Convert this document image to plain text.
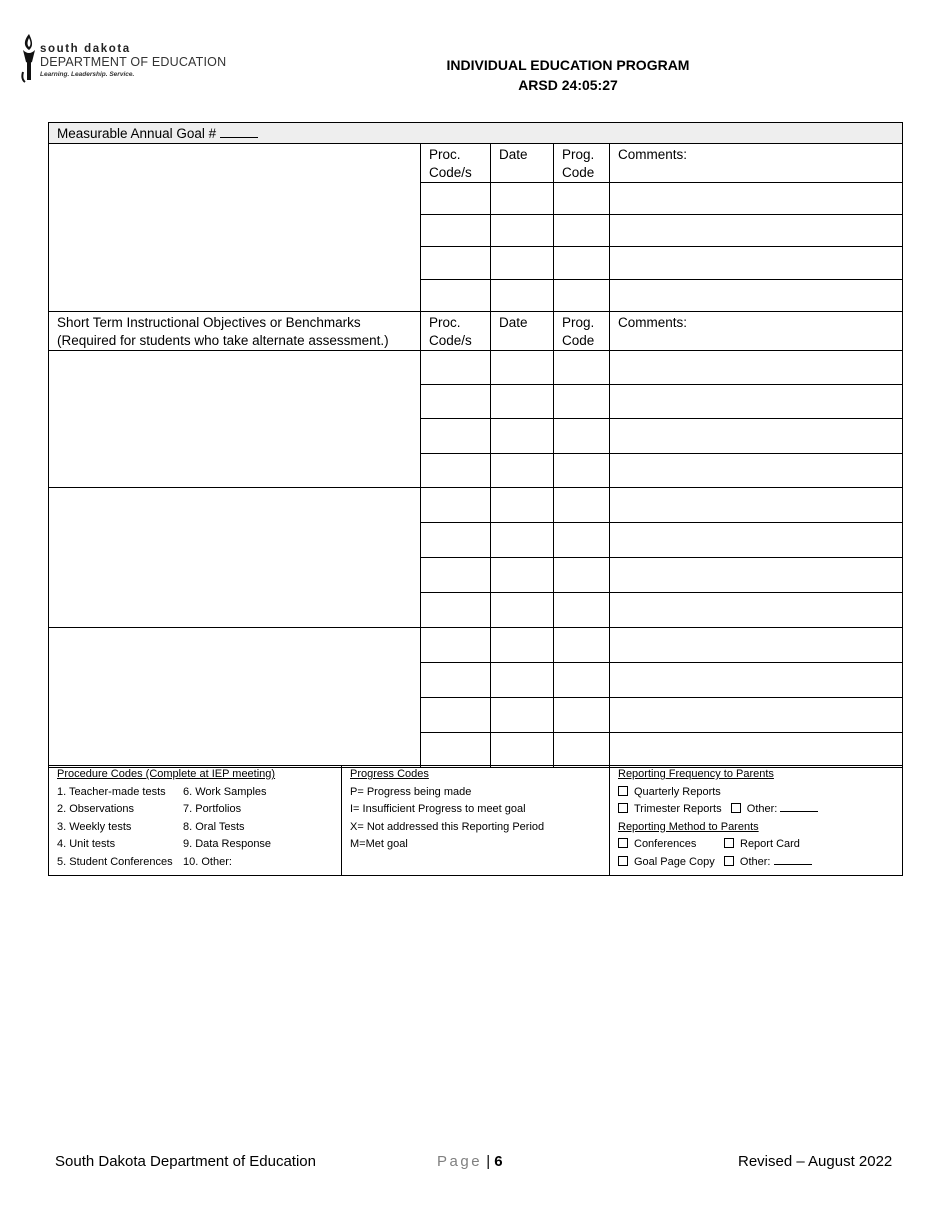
south dakota
DEPARTMENT OF EDUCATION
Learning. Leadership. Service.
INDIVIDUAL EDUCATION PROGRAM
ARSD 24:05:27
Measurable Annual Goal #				
	Proc. Code/s	Date	Prog. Code	Comments:

Short Term Instructional Objectives or Benchmarks (Required for students who take alternate assessment.)	Proc. Code/s	Date	Prog. Code	Comments:

Procedure Codes (Complete at IEP meeting)
1. Teacher-made tests 6. Work Samples
2. Observations	7. Portfolios
3. Weekly tests	8. Oral Tests
4. Unit tests	9. Data Response
5. Student Conferences 10. Other:

Progress Codes
P= Progress being made
I= Insufficient Progress to meet goal
X= Not addressed this Reporting Period
M=Met goal

Reporting Frequency to Parents
Quarterly Reports
Trimester Reports Other:
Reporting Method to Parents
Conferences	Report Card
Goal Page Copy Other:
South Dakota Department of Education	Page | 6	Revised – August 2022
